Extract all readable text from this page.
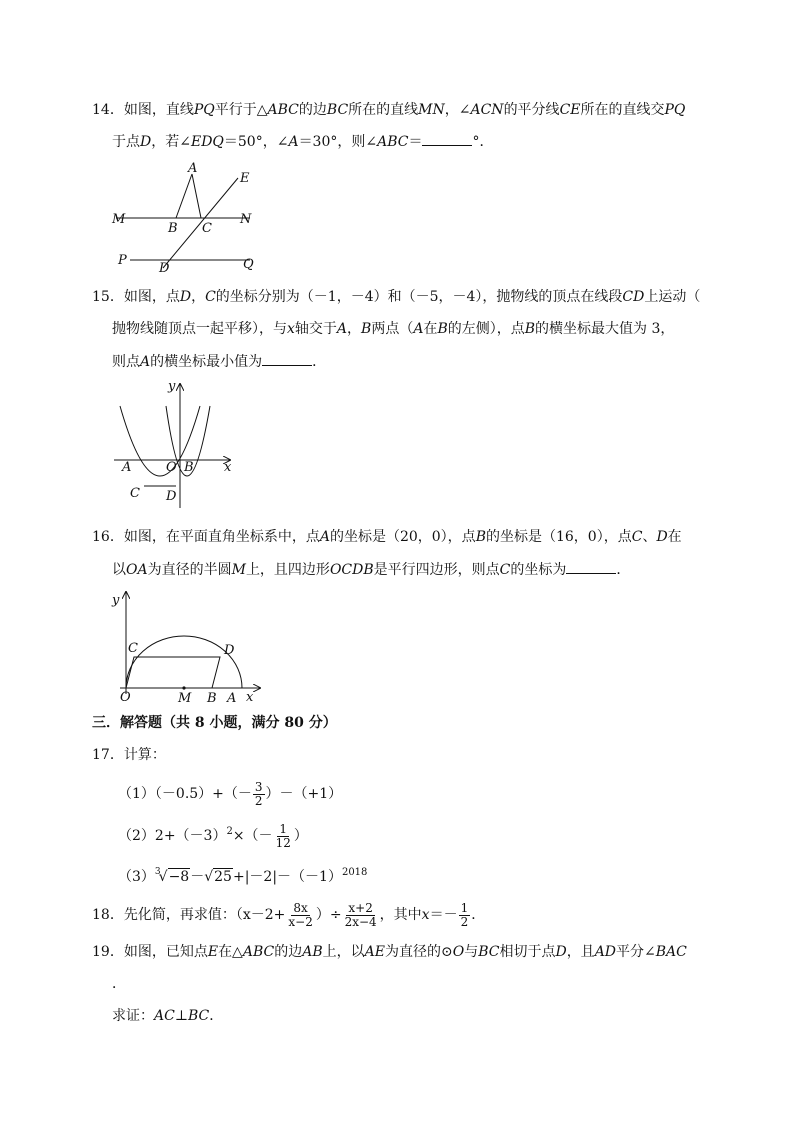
14．如图，直线PQ平行于△ABC的边BC所在的直线MN，∠ACN的平分线CE所在的直线交PQ
于点D，若∠EDQ＝50°，∠A＝30°，则∠ABC＝	°．
A
E
M
B C
N
P
D	Q
15．如图，点D，C的坐标分别为（－1，－4）和（－5，－4），抛物线的顶点在线段CD上运动（
抛物线随顶点一起平移），与x轴交于A，B两点（A在B的左侧），点B的横坐标最大值为 3，
则点A的横坐标最小值为	．
y
A	O B x
C D
16．如图，在平面直角坐标系中，点A的坐标是（20，0），点B的坐标是（16，0），点C、D在
以OA为直径的半圆M上，且四边形OCDB是平行四边形，则点C的坐标为	．
y
C	D
O	M B A x
三．解答题（共 8 小题，满分 80 分）
17．计算：
$(1)(-0.5)+(- \frac{3}{2} )-(+1)$
$(2)2+(-3)^2\times(- \frac{1}{12}$ ）
$(3)^3√-8-√25+|-2|-(-1)^{2018}$
18．先化简，再求值：（$x-2+ \frac{8x}{x-2}$ ）÷ $\frac{x+2}{2x-4}$ ，其中$x=- \frac{1}{2}$ ．
19．如图，已知点E在△ABC的边AB上，以AE为直径的⊙O与BC相切于点D，且AD平分∠BAC
．
求证：AC⊥BC．
